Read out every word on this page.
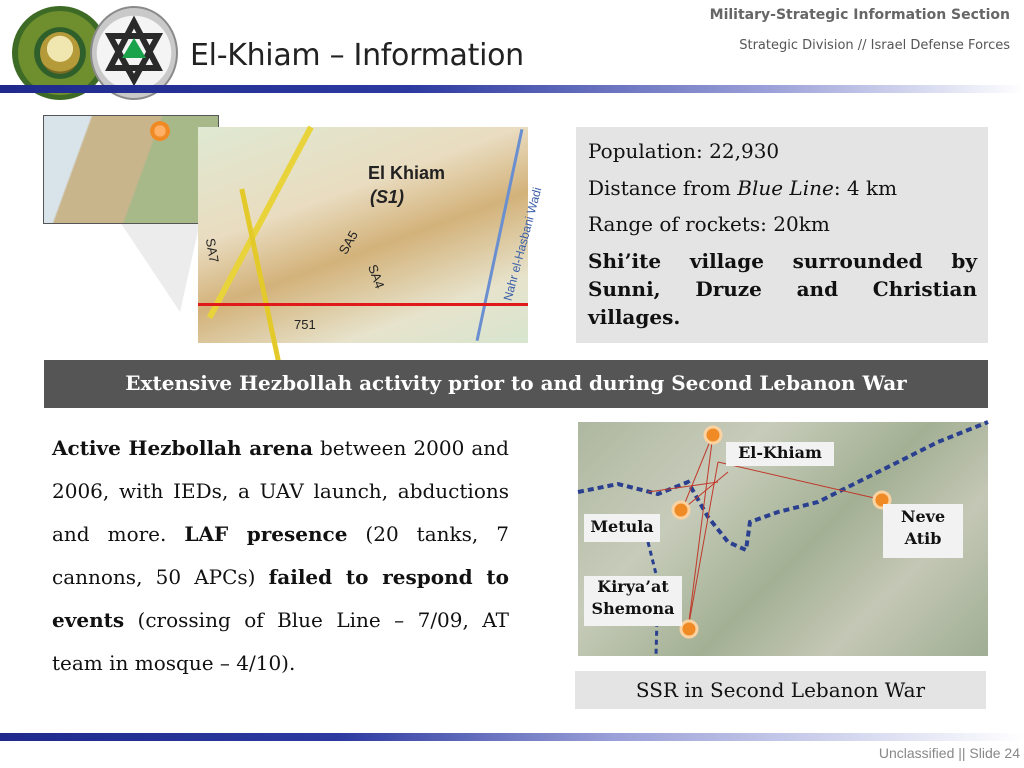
El-Khiam – Information
Military-Strategic Information Section
Strategic Division // Israel Defense Forces
El Khiam
(S1)
SA5
SA4
SA7
751
Nahr el-Hasbani Wadi

Population: 22,930

Distance from Blue Line: 4 km

Range of rockets: 20km

Shi’ite village surrounded by Sunni, Druze and Christian villages.

Extensive Hezbollah activity prior to and during Second Lebanon War
Active Hezbollah arena between 2000 and 2006, with IEDs, a UAV launch, abductions and more. LAF presence (20 tanks, 7 cannons, 50 APCs) failed to respond to events (crossing of Blue Line – 7/09, AT team in mosque – 4/10).
El-Khiam
Metula
Neve
Atib
Kirya’at
Shemona
SSR in Second Lebanon War
Unclassified || Slide 24
